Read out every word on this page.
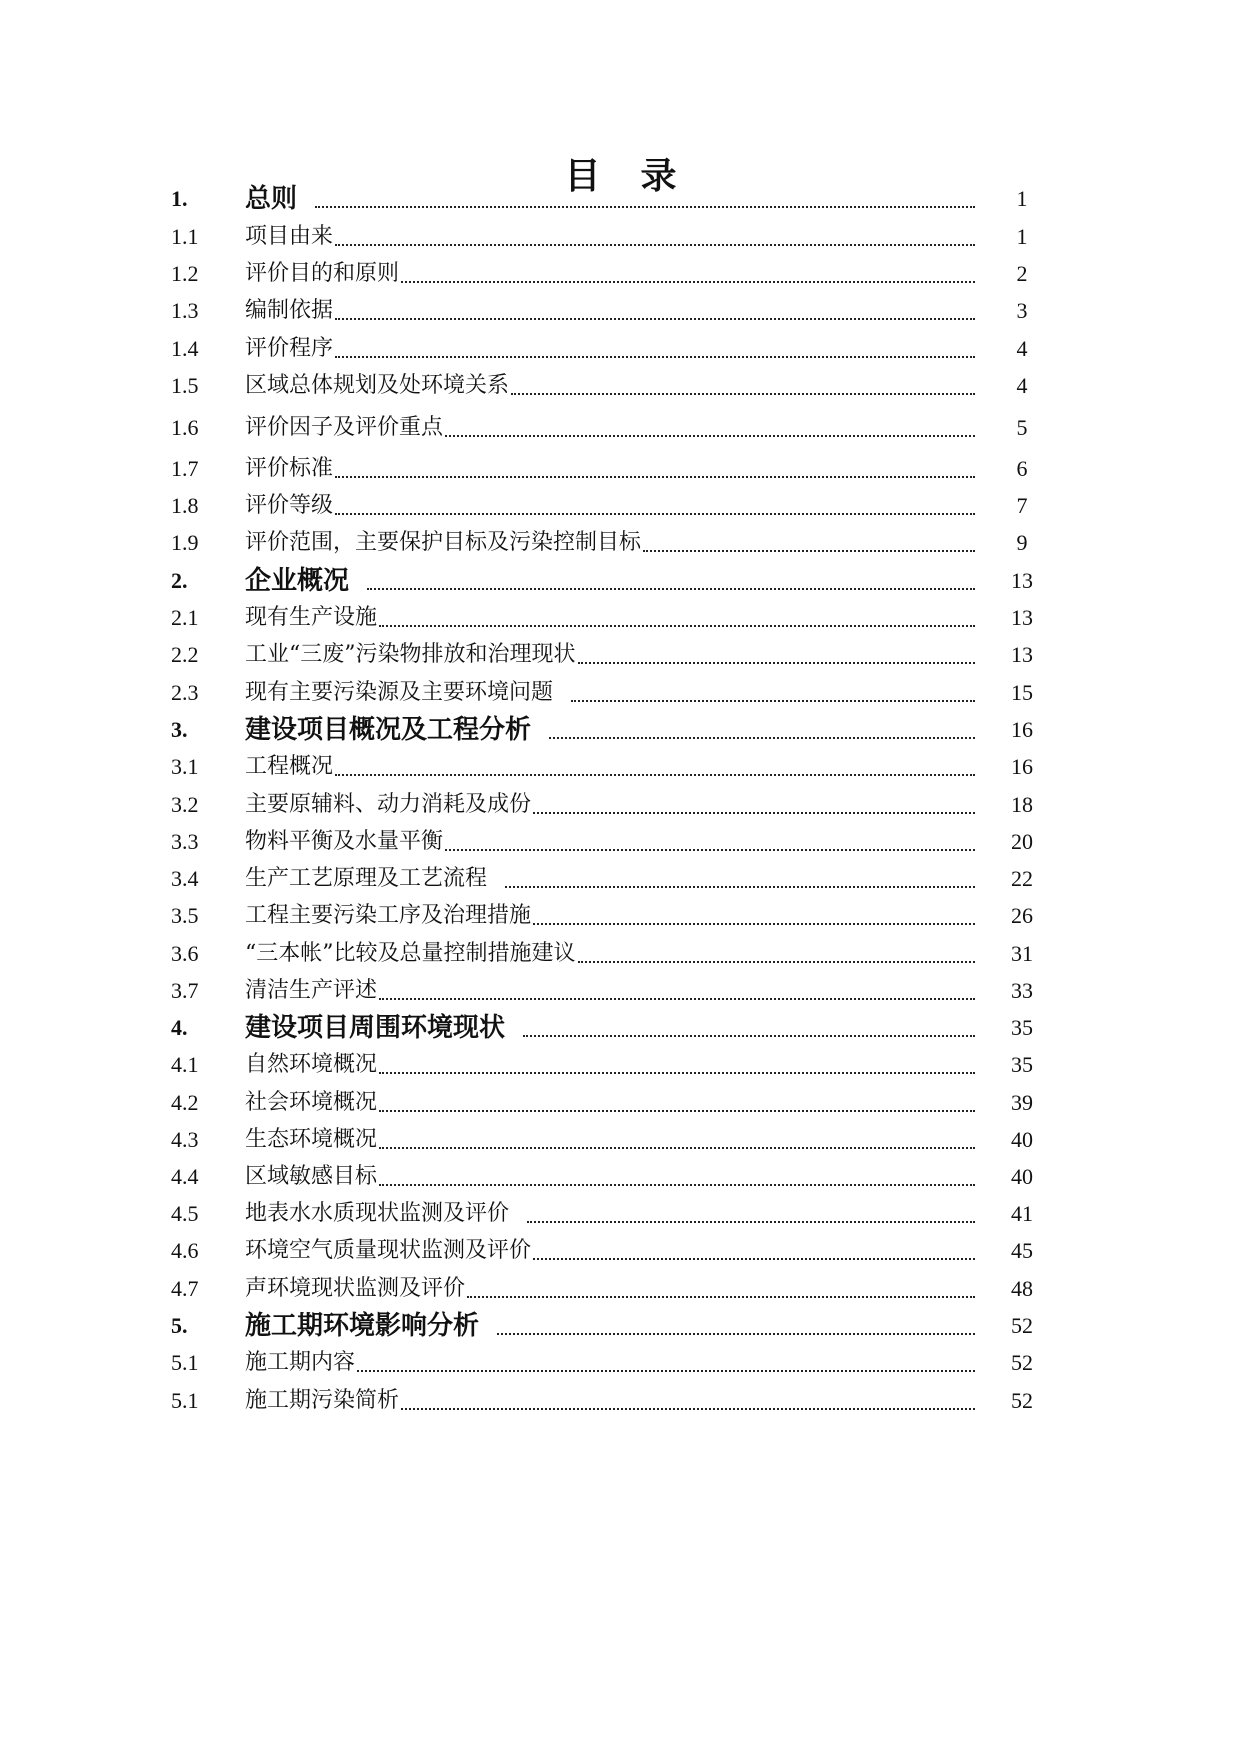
目 录
1.	总则	1
1.1	项目由来	1
1.2	评价目的和原则	2
1.3	编制依据	3
1.4	评价程序	4
1.5	区域总体规划及处环境关系	4
1.6	评价因子及评价重点	5
1.7	评价标准	6
1.8	评价等级	7
1.9	评价范围，主要保护目标及污染控制目标	9
2.	企业概况	13
2.1	现有生产设施	13
2.2	工业“三废”污染物排放和治理现状	13
2.3	现有主要污染源及主要环境问题	15
3.	建设项目概况及工程分析	16
3.1	工程概况	16
3.2	主要原辅料、动力消耗及成份	18
3.3	物料平衡及水量平衡	20
3.4	生产工艺原理及工艺流程	22
3.5	工程主要污染工序及治理措施	26
3.6	“三本帐”比较及总量控制措施建议	31
3.7	清洁生产评述	33
4.	建设项目周围环境现状	35
4.1	自然环境概况	35
4.2	社会环境概况	39
4.3	生态环境概况	40
4.4	区域敏感目标	40
4.5	地表水水质现状监测及评价	41
4.6	环境空气质量现状监测及评价	45
4.7	声环境现状监测及评价	48
5.	施工期环境影响分析	52
5.1	施工期内容	52
5.1	施工期污染简析	52
